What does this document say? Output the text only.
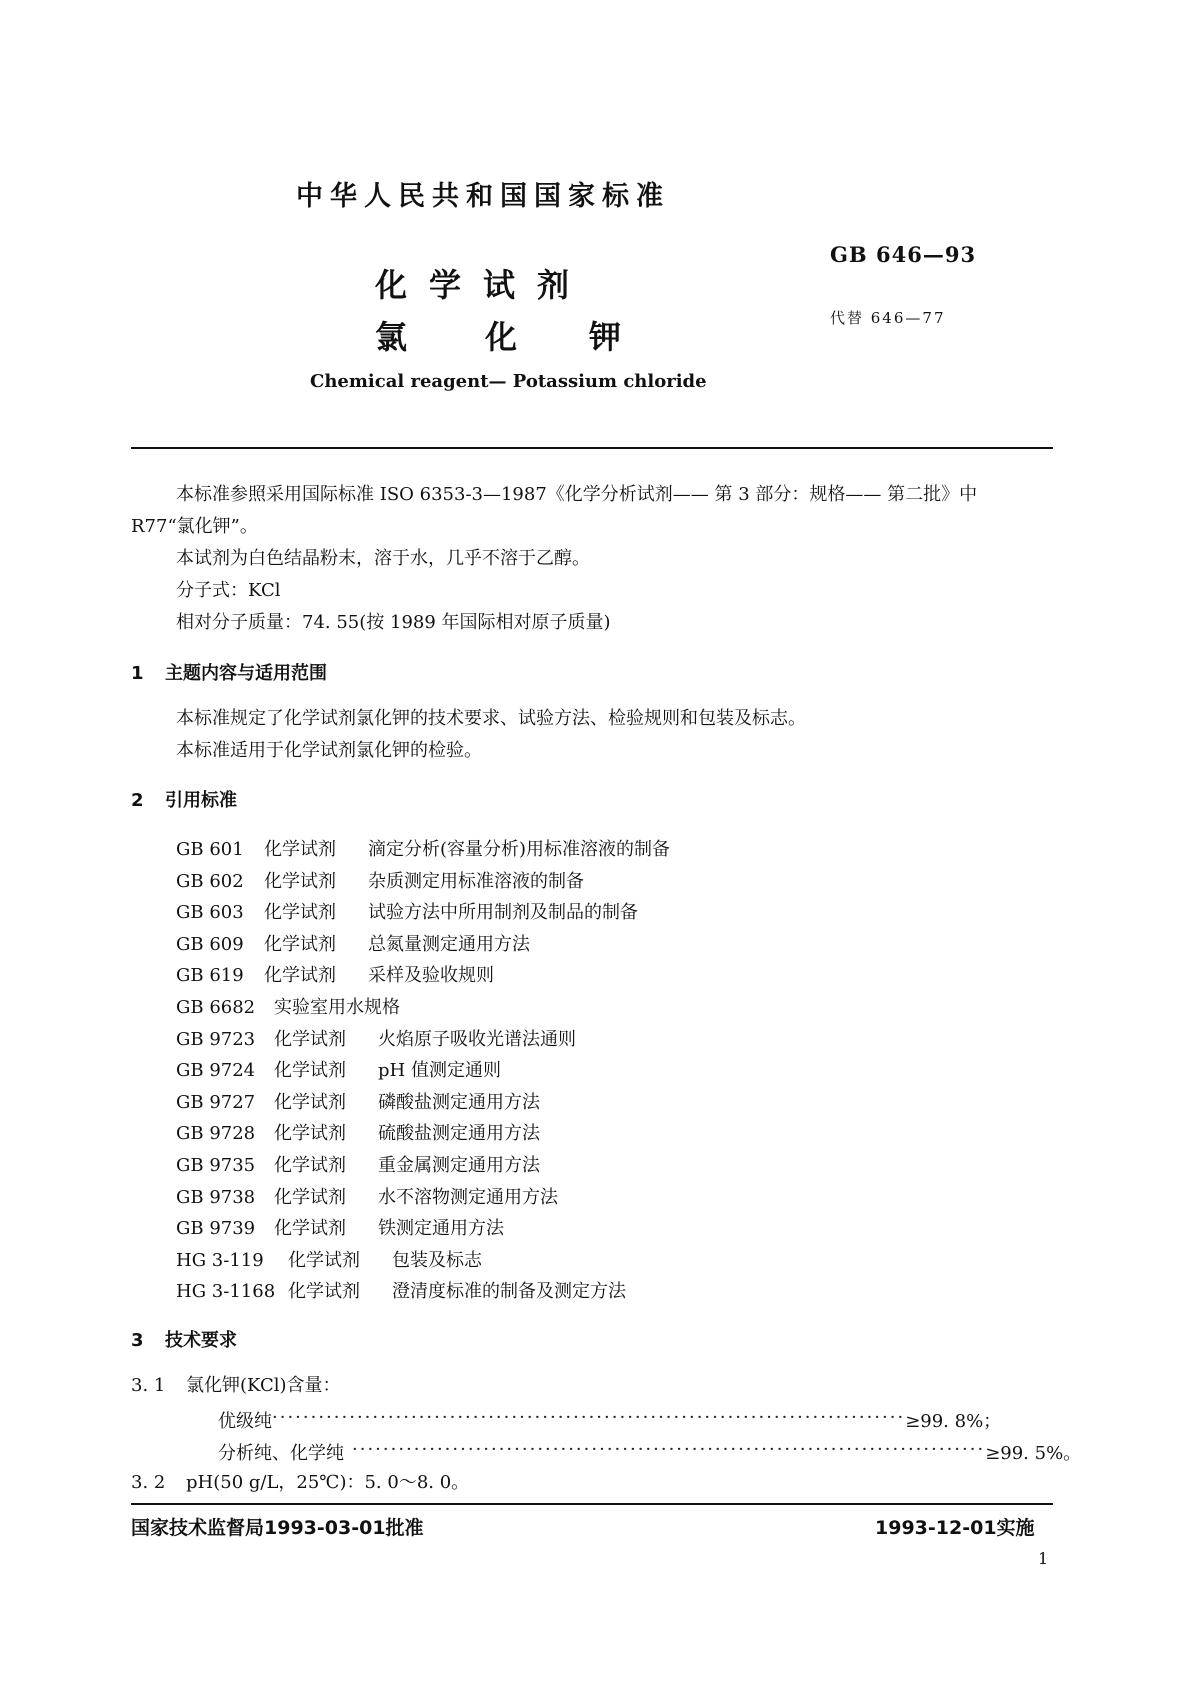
中华人民共和国国家标准
GB 646—93
化学试剂
氯 化 钾	代替 646—77
Chemical reagent— Potassium chloride
本标准参照采用国际标准 ISO 6353-3—1987《化学分析试剂—— 第 3 部分：规格—— 第二批》中
R77“氯化钾”。
本试剂为白色结晶粉末，溶于水，几乎不溶于乙醇。
分子式：KCl
相对分子质量：74. 55(按 1989 年国际相对原子质量)
1 主题内容与适用范围
本标准规定了化学试剂氯化钾的技术要求、试验方法、检验规则和包装及标志。
本标准适用于化学试剂氯化钾的检验。
2 引用标准
GB 601 化学试剂 滴定分析(容量分析)用标准溶液的制备
GB 602 化学试剂 杂质测定用标准溶液的制备
GB 603 化学试剂 试验方法中所用制剂及制品的制备
GB 609 化学试剂 总氮量测定通用方法
GB 619 化学试剂 采样及验收规则
GB 6682 实验室用水规格
GB 9723 化学试剂 火焰原子吸收光谱法通则
GB 9724 化学试剂 pH 值测定通则
GB 9727 化学试剂 磷酸盐测定通用方法
GB 9728 化学试剂 硫酸盐测定通用方法
GB 9735 化学试剂 重金属测定通用方法
GB 9738 化学试剂 水不溶物测定通用方法
GB 9739 化学试剂 铁测定通用方法
HG 3-119 化学试剂 包装及标志
HG 3-1168 化学试剂 澄清度标准的制备及测定方法
3 技术要求
3. 1 氯化钾(KCl)含量：
优级纯 ·················································································· ≥99. 8%；
分析纯、化学纯 ·················································································· ≥99. 5%。
3. 2 pH(50 g/L，25℃)：5. 0～8. 0。
国家技术监督局1993-03-01批准	1993-12-01实施
1
